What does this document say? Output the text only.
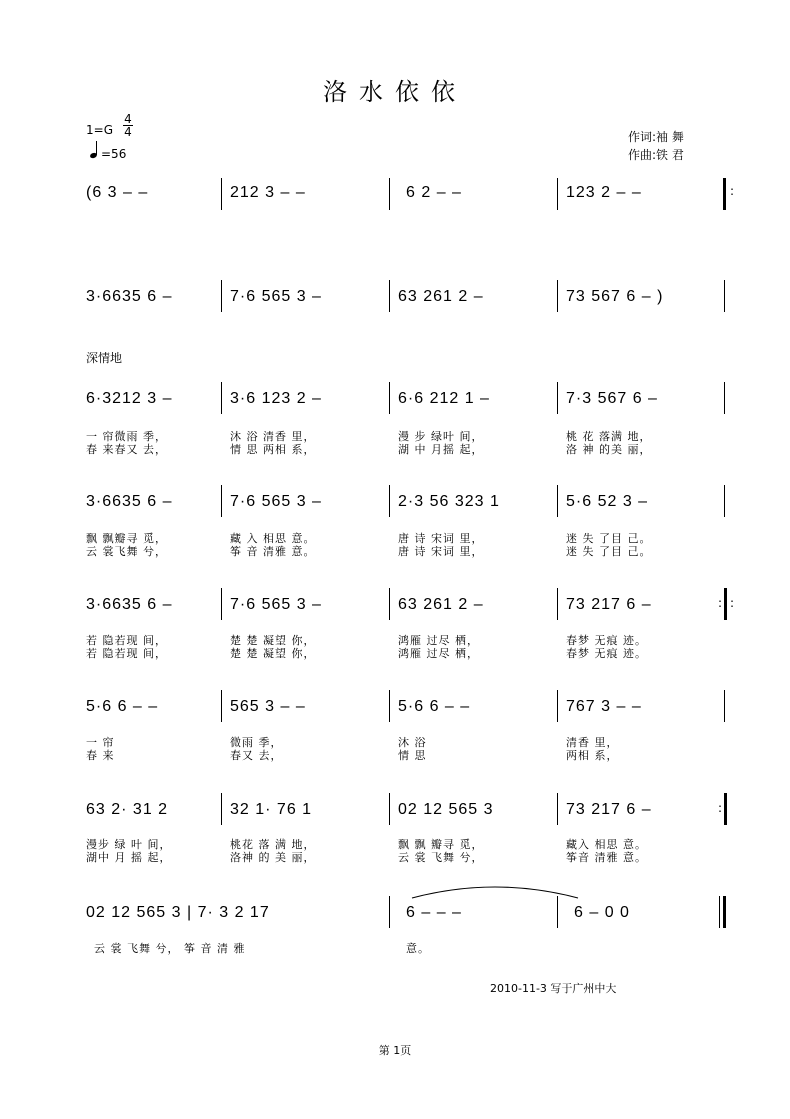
洛水依依
1=G
4
4
=56
作词:袖 舞
作曲:铁 君
深情地
(6 3 – –	212 3 – –	6 2 – –	123 2 – –	:
3·6635 6 –	7·6 565 3 –	63 261 2 –	73 567 6 – )
6·3212 3 –	3·6 123 2 –	6·6 212 1 –	7·3 567 6 –
一 帘微雨 季，	沐 浴 清香 里，	漫 步 绿叶 间，	桃 花 落满 地，
春 来春又 去，	情 思 两相 系，	湖 中 月摇 起，	洛 神 的美 丽，
3·6635 6 –	7·6 565 3 –	2·3 56 323 1	5·6 52 3 –
飘 飘瓣寻 觅，	藏 入 相思 意。	唐 诗 宋词 里，	迷 失 了目 己。
云 裳飞舞 兮，	筝 音 清雅 意。	唐 诗 宋词 里，	迷 失 了目 己。
3·6635 6 –	7·6 565 3 –	63 261 2 –	73 217 6 –
若 隐若现 间，	楚 楚 凝望 你，	鸿雁 过尽 栖，	春梦 无痕 迹。
若 隐若现 间，	楚 楚 凝望 你，	鸿雁 过尽 栖，	春梦 无痕 迹。
: :
5·6 6 – –	565 3 – –	5·6 6 – –	767 3 – –
一 帘	微雨 季，	沐 浴	清香 里，
春 来	春又 去，	情 思	两相 系，
63 2· 31 2	32 1· 76 1	02 12 565 3	73 217 6 –
漫步 绿 叶 间，	桃花 落 满 地，	飘 飘 瓣寻 觅，	藏入 相思 意。
湖中 月 摇 起，	洛神 的 美 丽，	云 裳 飞舞 兮，	筝音 清雅 意。
:
02 12 565 3 | 7· 3 2 17	6 – – –	6 – 0 0
云 裳 飞舞 兮， 筝 音 清 雅	意。
2010-11-3 写于广州中大
第 1页
